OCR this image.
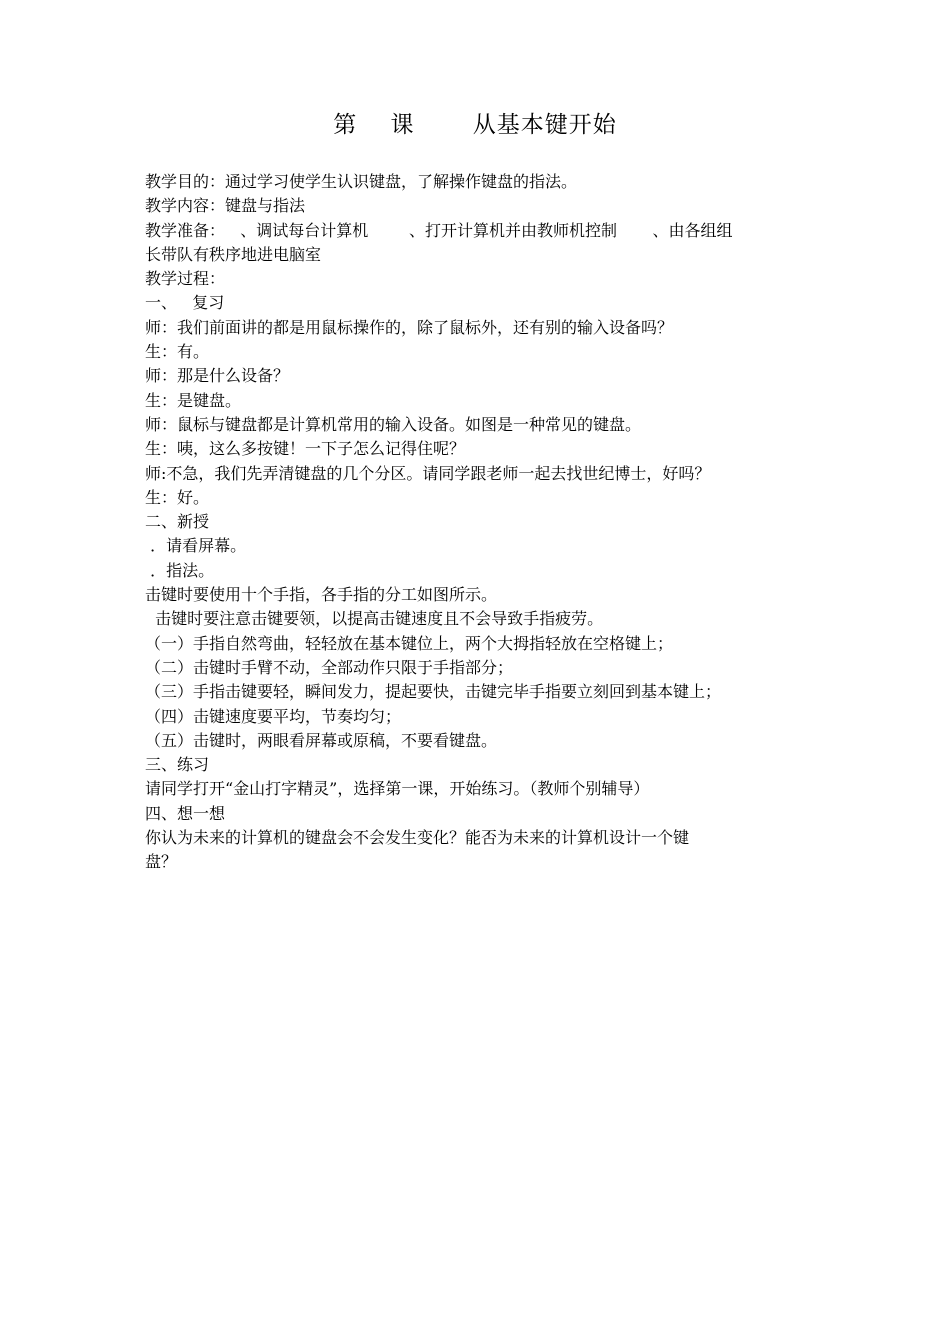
第    课       从基本键开始
教学目的：通过学习使学生认识键盘，了解操作键盘的指法。
教学内容：键盘与指法
教学准备：   、调试每台计算机        、打开计算机并由教师机控制       、由各组组
长带队有秩序地进电脑室
教学过程：
一、   复习
师：我们前面讲的都是用鼠标操作的，除了鼠标外，还有别的输入设备吗？
生：有。
师：那是什么设备？
生：是键盘。
师：鼠标与键盘都是计算机常用的输入设备。如图是一种常见的键盘。
生：咦，这么多按键！一下子怎么记得住呢？
师:不急，我们先弄清键盘的几个分区。请同学跟老师一起去找世纪博士，好吗？
生：好。
二、新授
．请看屏幕。
．指法。
击键时要使用十个手指，各手指的分工如图所示。
击键时要注意击键要领，以提高击键速度且不会导致手指疲劳。
（一）手指自然弯曲，轻轻放在基本键位上，两个大拇指轻放在空格键上；
（二）击键时手臂不动，全部动作只限于手指部分；
（三）手指击键要轻，瞬间发力，提起要快，击键完毕手指要立刻回到基本键上；
（四）击键速度要平均，节奏均匀；
（五）击键时，两眼看屏幕或原稿，不要看键盘。
三、练习
请同学打开“金山打字精灵”，选择第一课，开始练习。（教师个别辅导）
四、想一想
你认为未来的计算机的键盘会不会发生变化？能否为未来的计算机设计一个键
盘？
